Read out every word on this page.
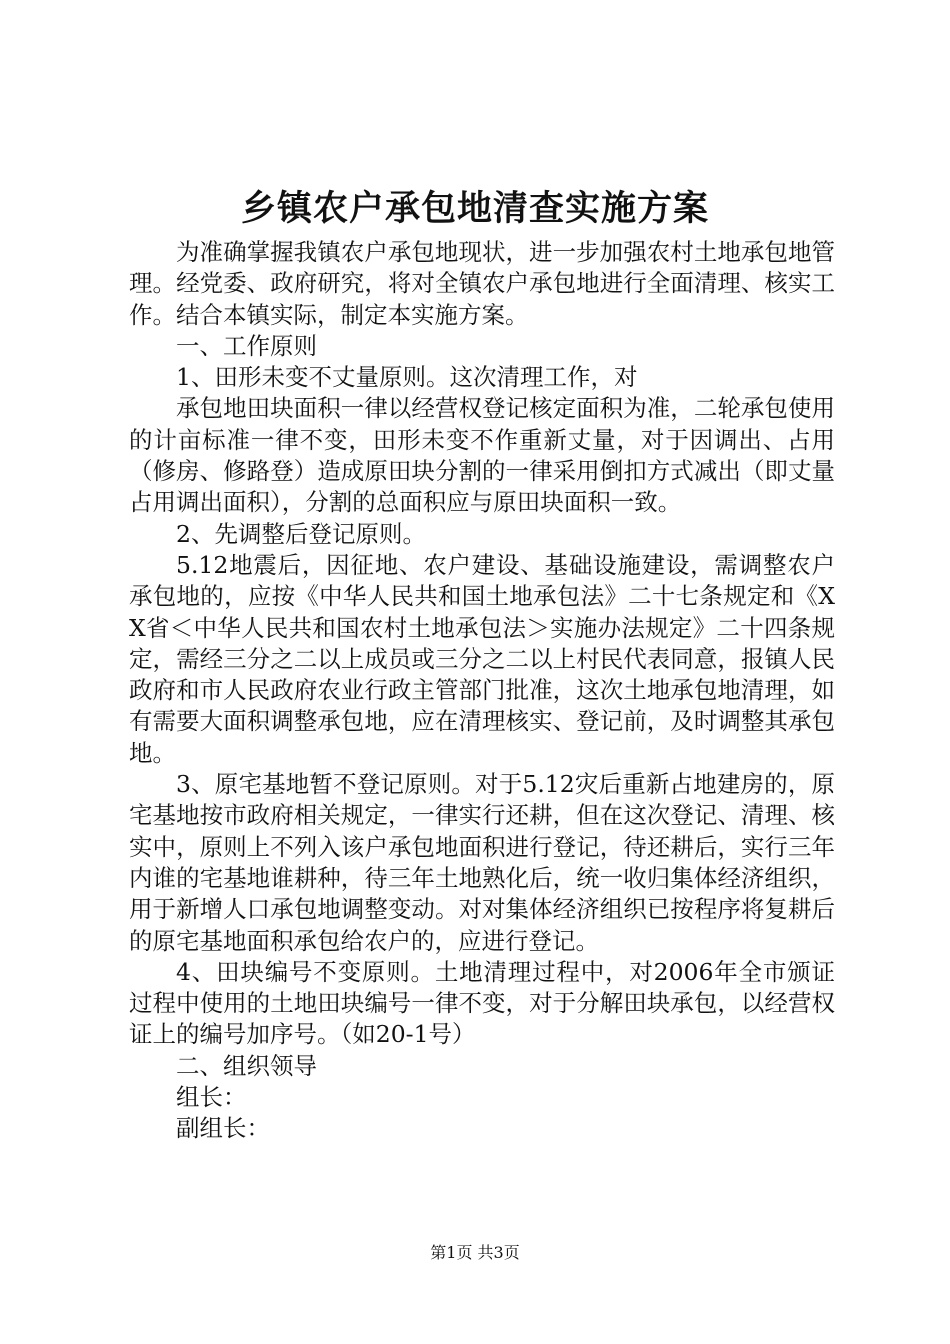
乡镇农户承包地清查实施方案

为准确掌握我镇农户承包地现状，进一步加强农村土地承包地管理。经党委、政府研究，将对全镇农户承包地进行全面清理、核实工作。结合本镇实际，制定本实施方案。

一、工作原则

1、田形未变不丈量原则。这次清理工作，对

承包地田块面积一律以经营权登记核定面积为准，二轮承包使用的计亩标准一律不变，田形未变不作重新丈量，对于因调出、占用（修房、修路登）造成原田块分割的一律采用倒扣方式减出（即丈量占用调出面积），分割的总面积应与原田块面积一致。

2、先调整后登记原则。

5.12地震后，因征地、农户建设、基础设施建设，需调整农户承包地的，应按《中华人民共和国土地承包法》二十七条规定和《XX省＜中华人民共和国农村土地承包法＞实施办法规定》二十四条规定，需经三分之二以上成员或三分之二以上村民代表同意，报镇人民政府和市人民政府农业行政主管部门批准，这次土地承包地清理，如有需要大面积调整承包地，应在清理核实、登记前，及时调整其承包地。

3、原宅基地暂不登记原则。对于5.12灾后重新占地建房的，原宅基地按市政府相关规定，一律实行还耕，但在这次登记、清理、核实中，原则上不列入该户承包地面积进行登记，待还耕后，实行三年内谁的宅基地谁耕种，待三年土地熟化后，统一收归集体经济组织，用于新增人口承包地调整变动。对对集体经济组织已按程序将复耕后的原宅基地面积承包给农户的，应进行登记。

4、田块编号不变原则。土地清理过程中，对2006年全市颁证过程中使用的土地田块编号一律不变，对于分解田块承包，以经营权证上的编号加序号。（如20-1号）

二、组织领导

组长：

副组长：

第1页 共3页
